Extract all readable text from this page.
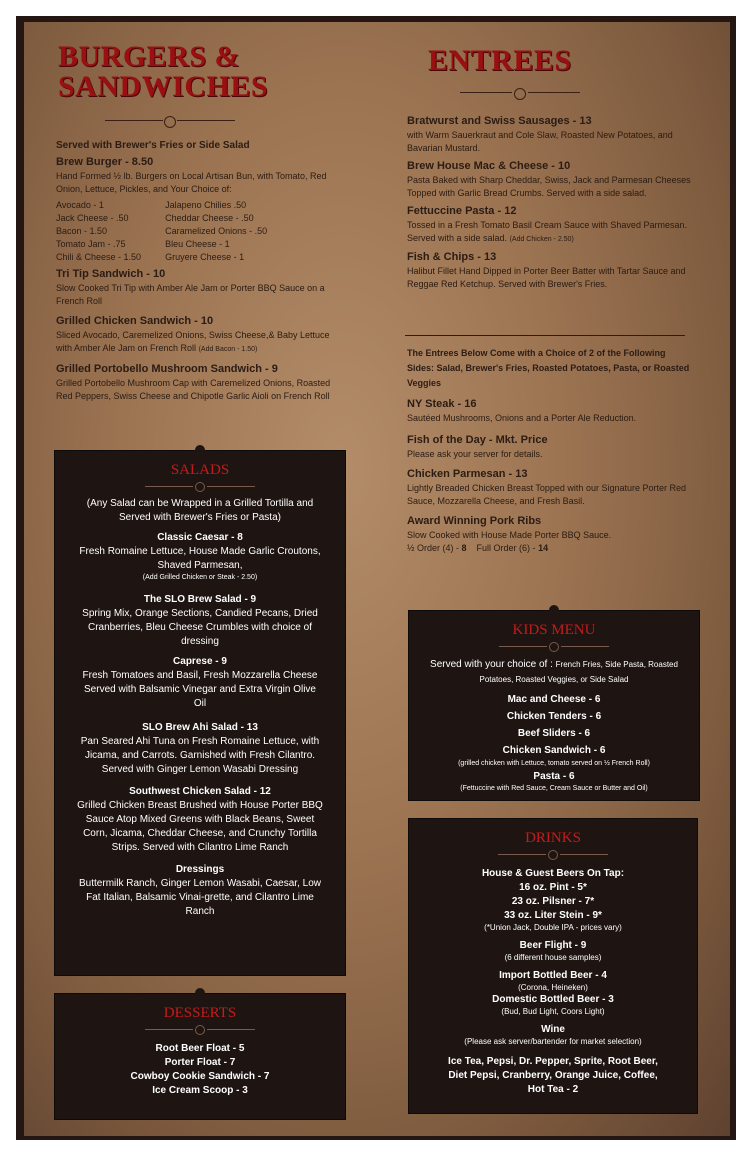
BURGERS &
SANDWICHES

Served with Brewer's Fries or Side Salad

Brew Burger - 8.50

Hand Formed ½ lb. Burgers on Local Artisan Bun, with Tomato, Red Onion, Lettuce, Pickles, and Your Choice of:

Avocado - 1	Jalapeno Chilies .50
Jack Cheese - .50	Cheddar Cheese - .50
Bacon - 1.50	Caramelized Onions - .50
Tomato Jam - .75	Bleu Cheese - 1
Chili & Cheese - 1.50	Gruyere Cheese - 1

Tri Tip Sandwich - 10

Slow Cooked Tri Tip with Amber Ale Jam or Porter BBQ Sauce on a French Roll

Grilled Chicken Sandwich - 10

Sliced Avocado, Caremelized Onions, Swiss Cheese,& Baby Lettuce with Amber Ale Jam on French Roll (Add Bacon - 1.50)

Grilled Portobello Mushroom Sandwich - 9

Grilled Portobello Mushroom Cap with Caremelized Onions, Roasted Red Peppers, Swiss Cheese and Chipotle Garlic Aioli on French Roll

ENTREES

Bratwurst and Swiss Sausages - 13

with Warm Sauerkraut and Cole Slaw, Roasted New Potatoes, and Bavarian Mustard.

Brew House Mac & Cheese - 10

Pasta Baked with Sharp Cheddar, Swiss, Jack and Parmesan Cheeses Topped with Garlic Bread Crumbs. Served with a side salad.

Fettuccine Pasta - 12

Tossed in a Fresh Tomato Basil Cream Sauce with Shaved Parmesan. Served with a side salad. (Add Chicken - 2.50)

Fish & Chips - 13

Halibut Fillet Hand Dipped in Porter Beer Batter with Tartar Sauce and Reggae Red Ketchup. Served with Brewer's Fries.

The Entrees Below Come with a Choice of 2 of the Following Sides: Salad, Brewer's Fries, Roasted Potatoes, Pasta, or Roasted Veggies

NY Steak - 16

Sautéed Mushrooms, Onions and a Porter Ale Reduction.

Fish of the Day - Mkt. Price

Please ask your server for details.

Chicken Parmesan - 13

Lightly Breaded Chicken Breast Topped with our Signature Porter Red Sauce, Mozzarella Cheese, and Fresh Basil.

Award Winning Pork Ribs

Slow Cooked with House Made Porter BBQ Sauce.

½ Order (4) - 8 Full Order (6) - 14

SALADS

(Any Salad can be Wrapped in a Grilled Tortilla and Served with Brewer's Fries or Pasta)

Classic Caesar - 8

Fresh Romaine Lettuce, House Made Garlic Croutons, Shaved Parmesan,

(Add Grilled Chicken or Steak - 2.50)

The SLO Brew Salad - 9

Spring Mix, Orange Sections, Candied Pecans, Dried Cranberries, Bleu Cheese Crumbles with choice of dressing

Caprese - 9

Fresh Tomatoes and Basil, Fresh Mozzarella Cheese Served with Balsamic Vinegar and Extra Virgin Olive Oil

SLO Brew Ahi Salad - 13

Pan Seared Ahi Tuna on Fresh Romaine Lettuce, with Jicama, and Carrots. Garnished with Fresh Cilantro. Served with Ginger Lemon Wasabi Dressing

Southwest Chicken Salad - 12

Grilled Chicken Breast Brushed with House Porter BBQ Sauce Atop Mixed Greens with Black Beans, Sweet Corn, Jicama, Cheddar Cheese, and Crunchy Tortilla Strips. Served with Cilantro Lime Ranch

Dressings

Buttermilk Ranch, Ginger Lemon Wasabi, Caesar, Low Fat Italian, Balsamic Vinai-grette, and Cilantro Lime Ranch

DESSERTS

Root Beer Float - 5

Porter Float - 7

Cowboy Cookie Sandwich - 7

Ice Cream Scoop - 3

KIDS MENU

Served with your choice of : French Fries, Side Pasta, Roasted Potatoes, Roasted Veggies, or Side Salad

Mac and Cheese - 6

Chicken Tenders - 6

Beef Sliders - 6

Chicken Sandwich - 6

(grilled chicken with Lettuce, tomato served on ½ French Roll)

Pasta - 6

(Fettuccine with Red Sauce, Cream Sauce or Butter and Oil)

DRINKS

House & Guest Beers On Tap:

16 oz. Pint - 5*

23 oz. Pilsner - 7*

33 oz. Liter Stein - 9*

(*Union Jack, Double IPA - prices vary)

Beer Flight - 9

(6 different house samples)

Import Bottled Beer - 4

(Corona, Heineken)

Domestic Bottled Beer - 3

(Bud, Bud Light, Coors Light)

Wine

(Please ask server/bartender for market selection)

Ice Tea, Pepsi, Dr. Pepper, Sprite, Root Beer, Diet Pepsi, Cranberry, Orange Juice, Coffee, Hot Tea - 2
